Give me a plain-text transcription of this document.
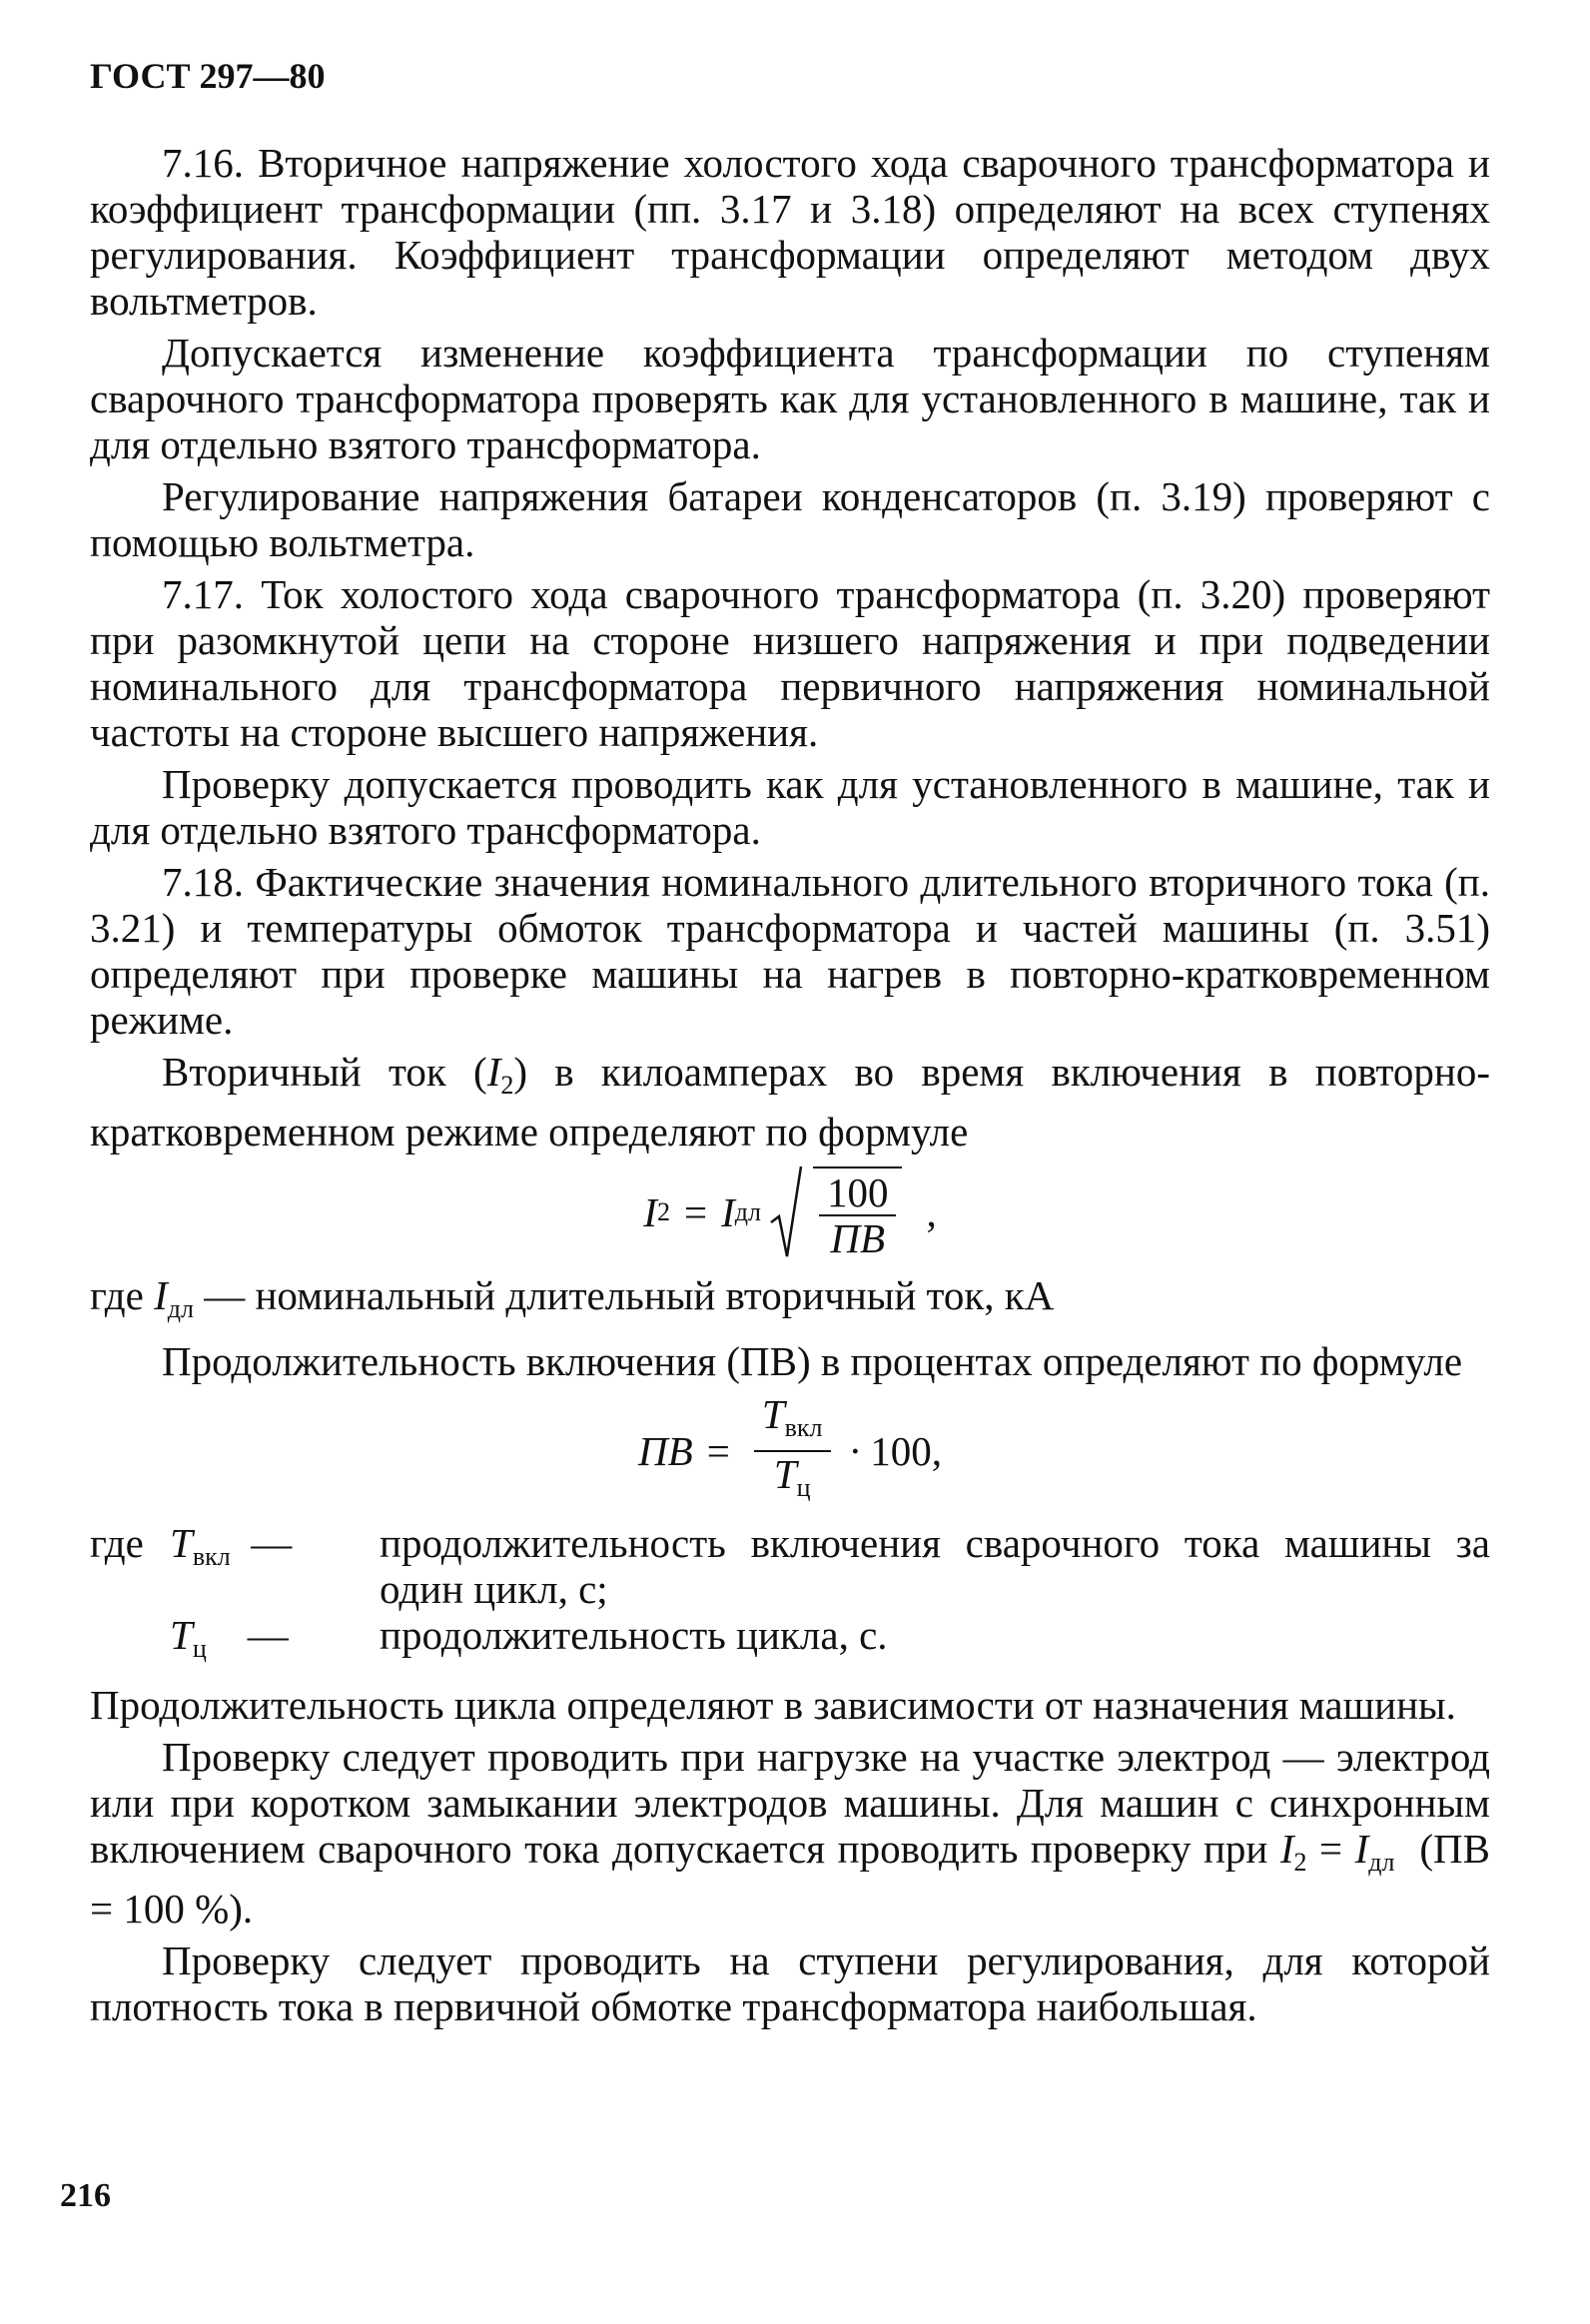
ГОСТ 297—80

7.16. Вторичное напряжение холостого хода сварочного трансформатора и коэффициент трансформации (пп. 3.17 и 3.18) определяют на всех ступенях регулирования. Коэффициент трансформации определяют методом двух вольтметров.

Допускается изменение коэффициента трансформации по ступеням сварочного трансформатора проверять как для установленного в машине, так и для отдельно взятого трансформатора.

Регулирование напряжения батареи конденсаторов (п. 3.19) проверяют с помощью вольтметра.

7.17. Ток холостого хода сварочного трансформатора (п. 3.20) проверяют при разомкнутой цепи на стороне низшего напряжения и при подведении номинального для трансформатора первичного напряжения номинальной частоты на стороне высшего напряжения.

Проверку допускается проводить как для установленного в машине, так и для отдельно взятого трансформатора.

7.18. Фактические значения номинального длительного вторичного тока (п. 3.21) и температуры обмоток трансформатора и частей машины (п. 3.51) определяют при проверке машины на нагрев в повторно-кратковременном режиме.

Вторичный ток $(I_2)$ в килоамперах во время включения в повторно-кратковременном режиме определяют по формуле

I 2 = I дл $\frac{100}{ПВ}$ ,

где $I_{дл}$ — номинальный длительный вторичный ток, кА

Продолжительность включения (ПВ) в процентах определяют по формуле

ПВ = $\frac{T_{вкл}}{T_ц} \cdot 100$,
где $T_{вкл}$ —	продолжительность включения сварочного тока машины за один цикл, с;
$T_ц$ —	продолжительность цикла, с.

Продолжительность цикла определяют в зависимости от назначения машины.

Проверку следует проводить при нагрузке на участке электрод — электрод или при коротком замыкании электродов машины. Для машин с синхронным включением сварочного тока допускается проводить проверку при $I_2 = I_{дл}$ (ПВ = 100 %).

Проверку следует проводить на ступени регулирования, для которой плотность тока в первичной обмотке трансформатора наибольшая.

216
